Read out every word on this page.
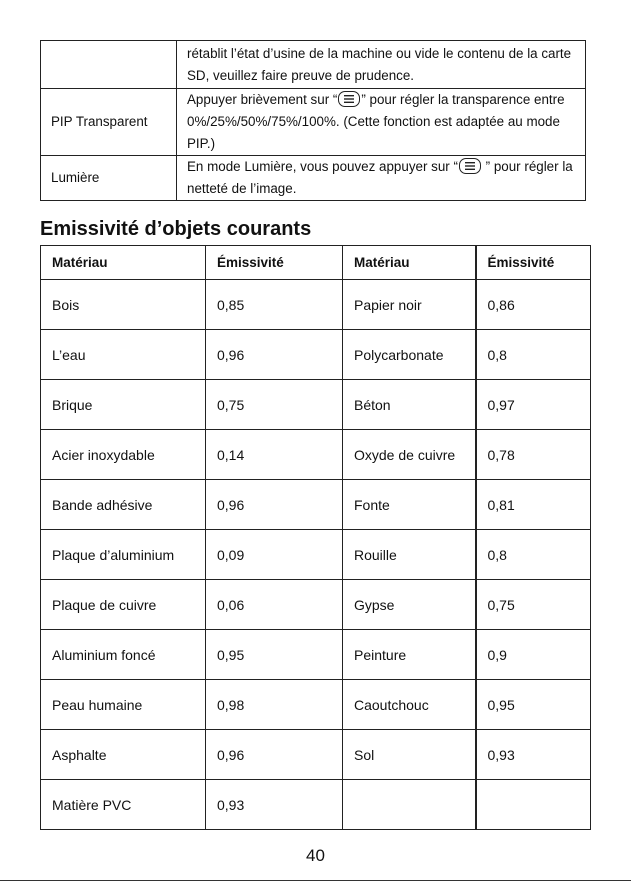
	rétablit l’état d’usine de la machine ou vide le contenu de la carte SD, veuillez faire preuve de prudence.
PIP Transparent	Appuyer brièvement sur “ ” pour régler la transparence entre 0%/25%/50%/75%/100%. (Cette fonction est adaptée au mode PIP.)
Lumière	En mode Lumière, vous pouvez appuyer sur “
” pour régler la netteté de l’image.
Emissivité d’objets courants
Matériau	Émissivité	Matériau	Émissivité
Bois	0,85	Papier noir	0,86
L’eau	0,96	Polycarbonate	0,8
Brique	0,75	Béton	0,97
Acier inoxydable	0,14	Oxyde de cuivre	0,78
Bande adhésive	0,96	Fonte	0,81
Plaque d’aluminium	0,09	Rouille	0,8
Plaque de cuivre	0,06	Gypse	0,75
Aluminium foncé	0,95	Peinture	0,9
Peau humaine	0,98	Caoutchouc	0,95
Asphalte	0,96	Sol	0,93
Matière PVC	0,93		
40
